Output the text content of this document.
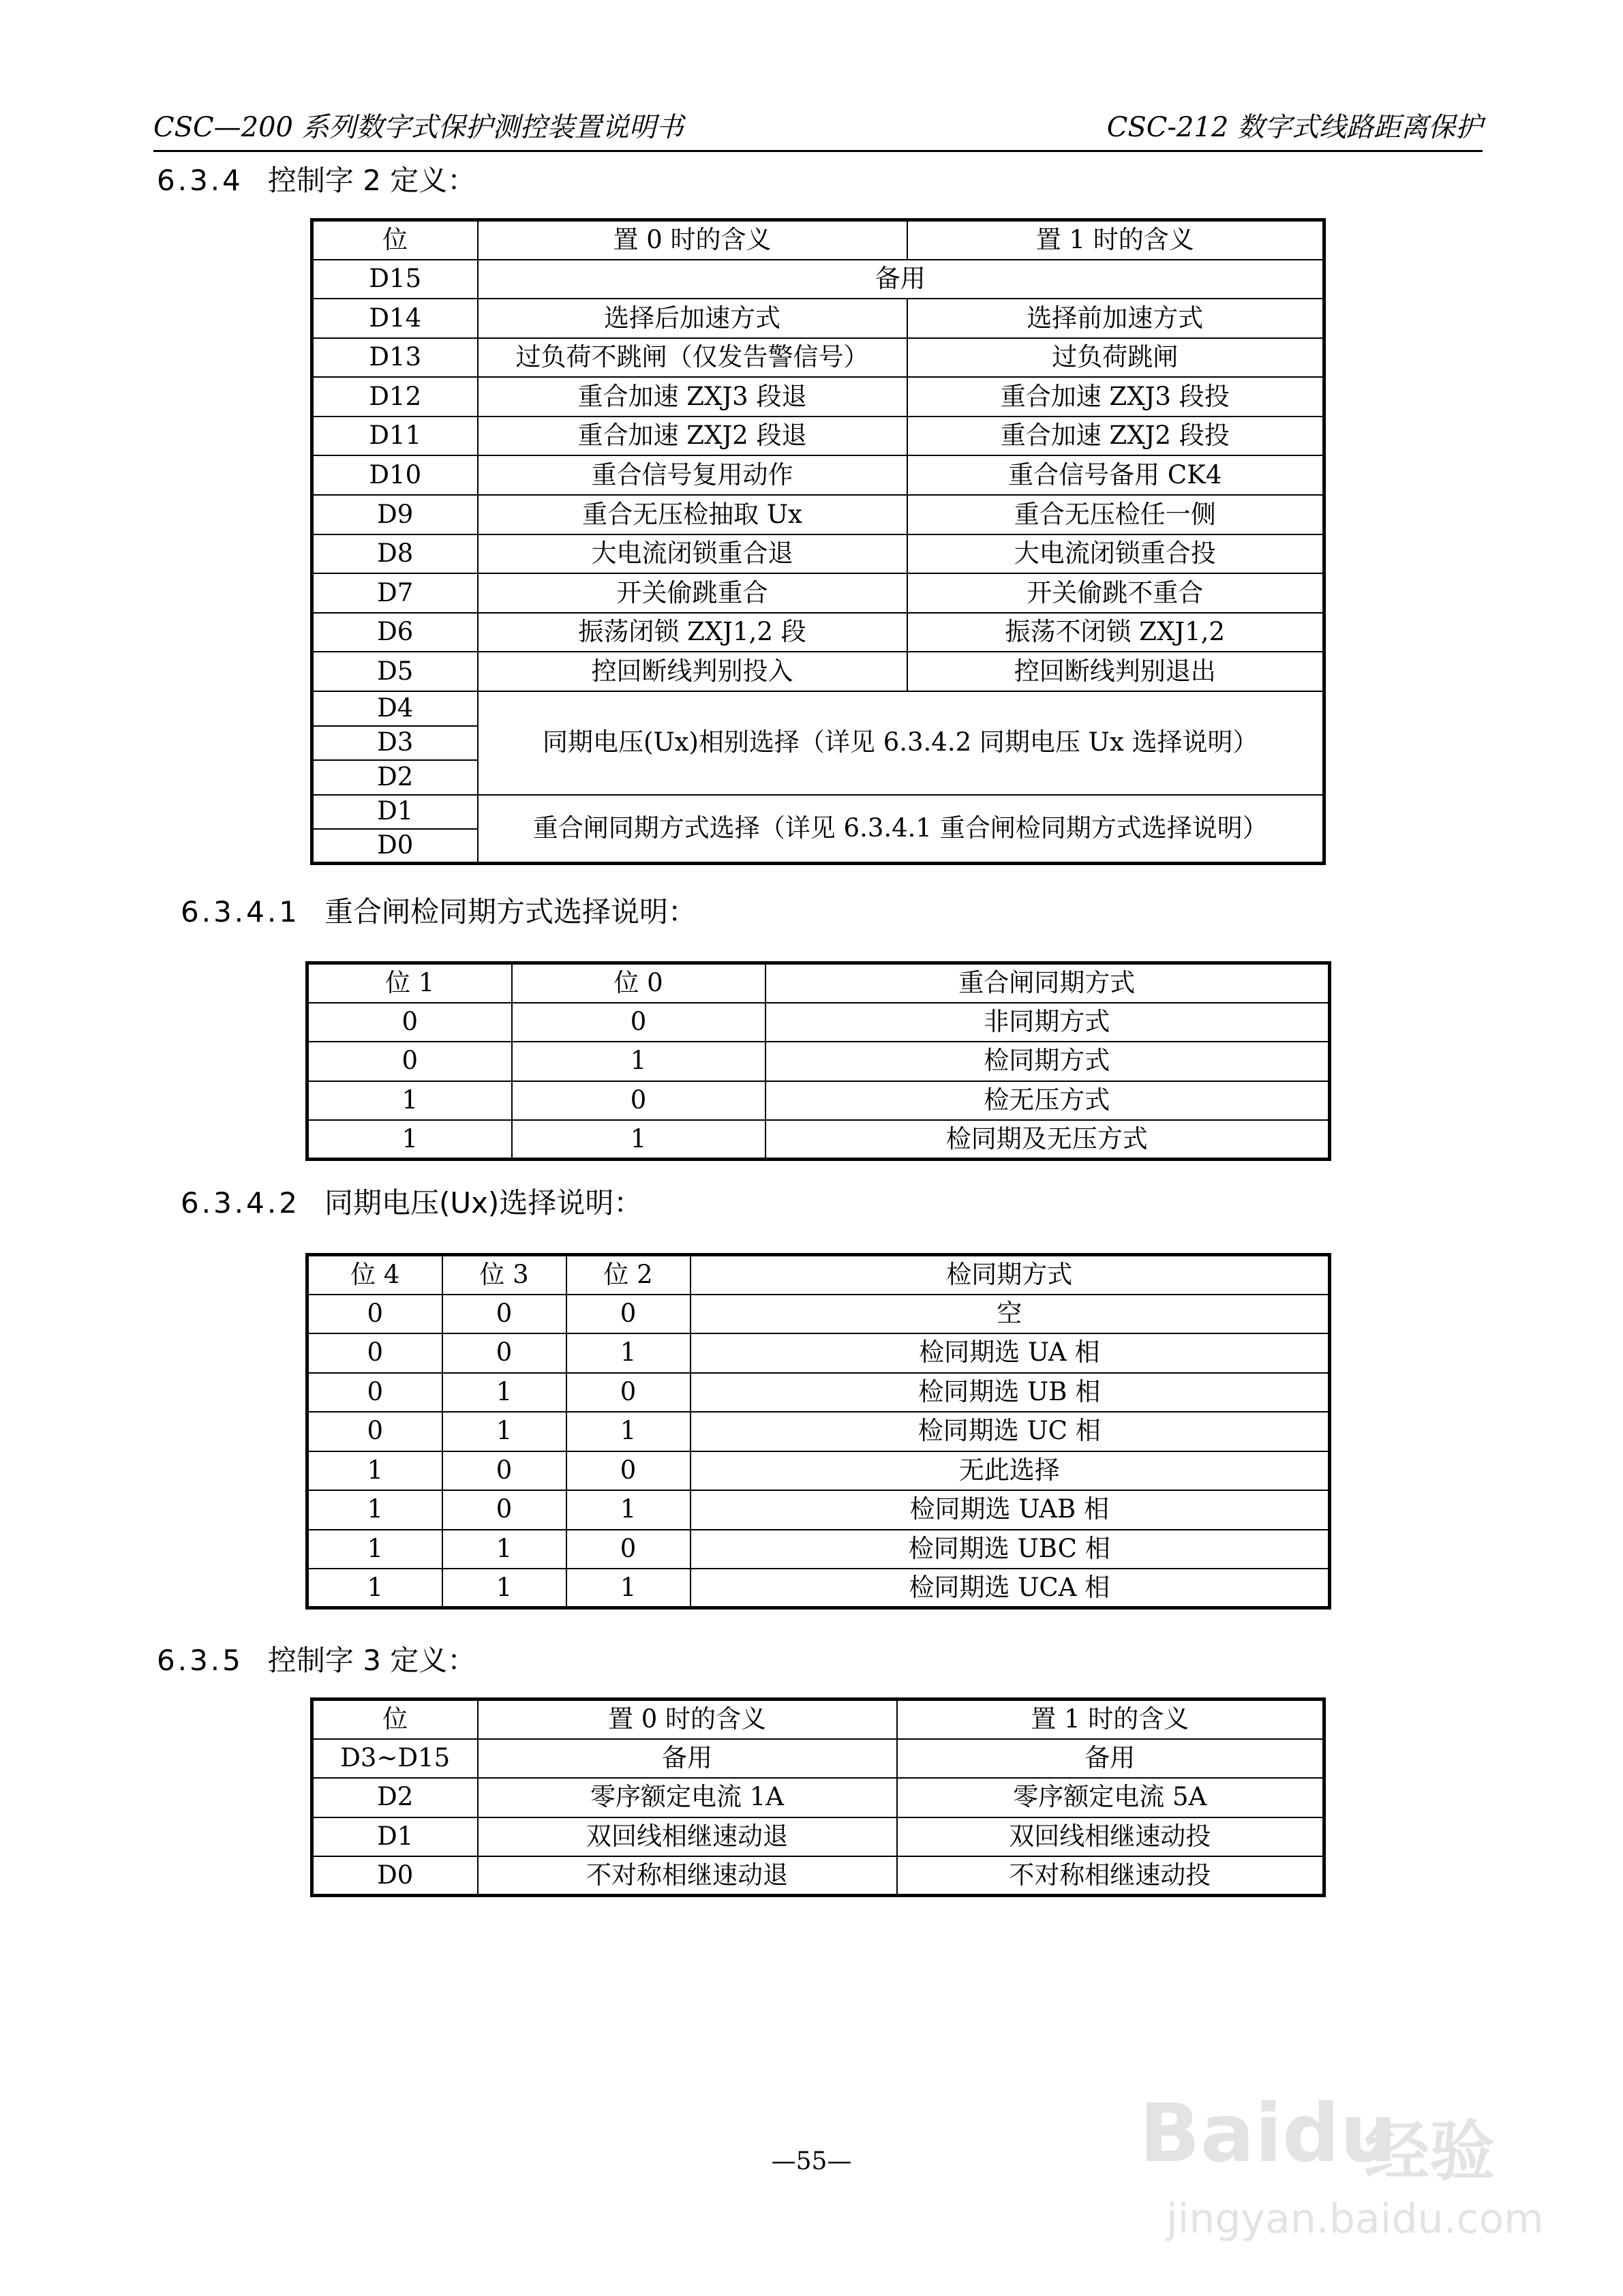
CSC—200 系列数字式保护测控装置说明书	CSC-212 数字式线路距离保护
6.3.4 控制字 2 定义：
位	置 0 时的含义	置 1 时的含义
D15	备用	
D14	选择后加速方式	选择前加速方式
D13	过负荷不跳闸（仅发告警信号）	过负荷跳闸
D12	重合加速 ZXJ3 段退	重合加速 ZXJ3 段投
D11	重合加速 ZXJ2 段退	重合加速 ZXJ2 段投
D10	重合信号复用动作	重合信号备用 CK4
D9	重合无压检抽取 Ux	重合无压检任一侧
D8	大电流闭锁重合退	大电流闭锁重合投
D7	开关偷跳重合	开关偷跳不重合
D6	振荡闭锁 ZXJ1,2 段	振荡不闭锁 ZXJ1,2
D5	控回断线判别投入	控回断线判别退出
D4	同期电压(Ux)相别选择（详见 6.3.4.2 同期电压 Ux 选择说明）	
D3		
D2		
D1	重合闸同期方式选择（详见 6.3.4.1 重合闸检同期方式选择说明）	
D0		
6.3.4.1 重合闸检同期方式选择说明：
位 1	位 0	重合闸同期方式
0	0	非同期方式
0	1	检同期方式
1	0	检无压方式
1	1	检同期及无压方式
6.3.4.2 同期电压(Ux)选择说明：
位 4	位 3	位 2	检同期方式
0	0	0	空
0	0	1	检同期选 UA 相
0	1	0	检同期选 UB 相
0	1	1	检同期选 UC 相
1	0	0	无此选择
1	0	1	检同期选 UAB 相
1	1	0	检同期选 UBC 相
1	1	1	检同期选 UCA 相
6.3.5 控制字 3 定义：
位	置 0 时的含义	置 1 时的含义
D3~D15	备用	备用
D2	零序额定电流 1A	零序额定电流 5A
D1	双回线相继速动退	双回线相继速动投
D0	不对称相继速动退	不对称相继速动投
—55—	Baidu
经验
jingyan.baidu.com
